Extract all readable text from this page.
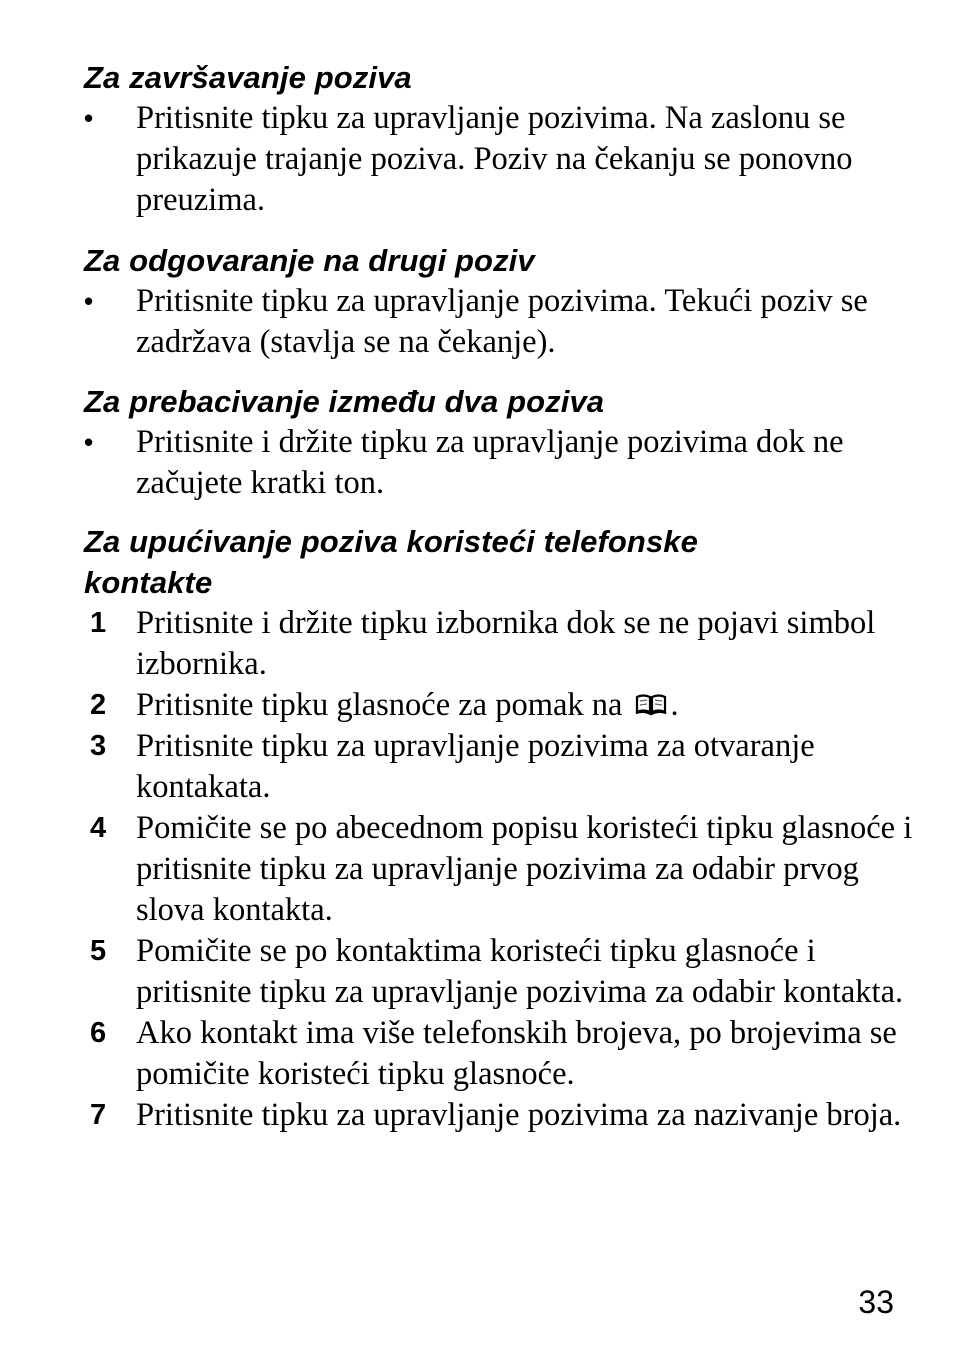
Za završavanje poziva

•	Pritisnite tipku za upravljanje pozivima. Na zaslonu se prikazuje trajanje poziva. Poziv na čekanju se ponovno preuzima.

Za odgovaranje na drugi poziv

•	Pritisnite tipku za upravljanje pozivima. Tekući poziv se zadržava (stavlja se na čekanje).

Za prebacivanje između dva poziva

•	Pritisnite i držite tipku za upravljanje pozivima dok ne začujete kratki ton.

Za upućivanje poziva koristeći telefonske kontakte

1 Pritisnite i držite tipku izbornika dok se ne pojavi simbol izbornika.
2 Pritisnite tipku glasnoće za pomak na .
3 Pritisnite tipku za upravljanje pozivima za otvaranje kontakata.
4 Pomičite se po abecednom popisu koristeći tipku glasnoće i pritisnite tipku za upravljanje pozivima za odabir prvog slova kontakta.
5 Pomičite se po kontaktima koristeći tipku glasnoće i pritisnite tipku za upravljanje pozivima za odabir kontakta.
6 Ako kontakt ima više telefonskih brojeva, po brojevima se pomičite koristeći tipku glasnoće.
7 Pritisnite tipku za upravljanje pozivima za nazivanje broja.
33
